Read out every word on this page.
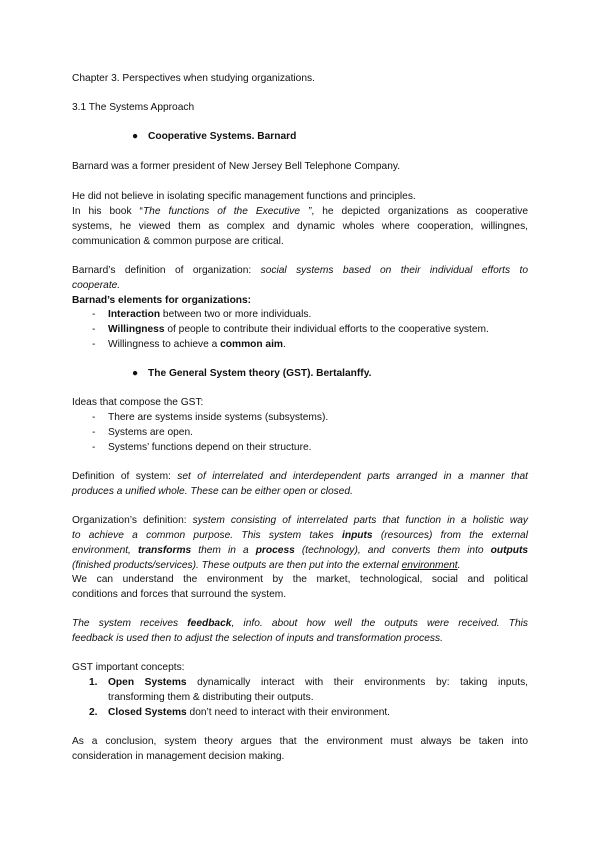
Chapter 3. Perspectives when studying organizations.
3.1 The Systems Approach
● Cooperative Systems. Barnard
Barnard was a former president of New Jersey Bell Telephone Company.
He did not believe in isolating specific management functions and principles.
In his book “The functions of the Executive ”, he depicted organizations as cooperative
systems, he viewed them as complex and dynamic wholes where cooperation, willingnes,
communication & common purpose are critical.
Barnard’s definition of organization: social systems based on their individual efforts to
cooperate.
Barnad’s elements for organizations:
- Interaction between two or more individuals.
- Willingness of people to contribute their individual efforts to the cooperative system.
- Willingness to achieve a common aim.
● The General System theory (GST). Bertalanffy.
Ideas that compose the GST:
- There are systems inside systems (subsystems).
- Systems are open.
- Systems’ functions depend on their structure.
Definition of system: set of interrelated and interdependent parts arranged in a manner that
produces a unified whole. These can be either open or closed.
Organization’s definition: system consisting of interrelated parts that function in a holistic way
to achieve a common purpose. This system takes inputs (resources) from the external
environment, transforms them in a process (technology), and converts them into outputs
(finished products/services). These outputs are then put into the external environment.
We can understand the environment by the market, technological, social and political
conditions and forces that surround the system.
The system receives feedback, info. about how well the outputs were received. This
feedback is used then to adjust the selection of inputs and transformation process.
GST important concepts:
1. Open Systems dynamically interact with their environments by: taking inputs,
transforming them & distributing their outputs.
2. Closed Systems don’t need to interact with their environment.
As a conclusion, system theory argues that the environment must always be taken into
consideration in management decision making.
